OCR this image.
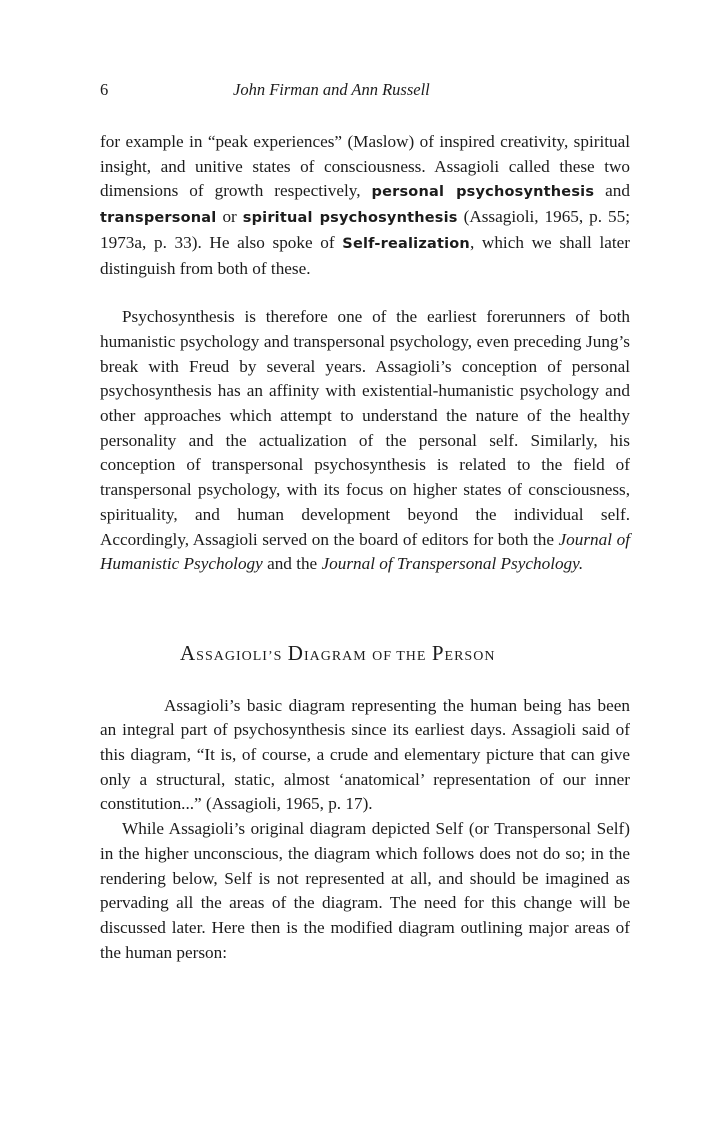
6	John Firman and Ann Russell

for example in “peak experiences” (Maslow) of inspired creativity, spiritual insight, and unitive states of consciousness. Assagioli called these two dimensions of growth respectively, personal psychosynthesis and transpersonal or spiritual psychosynthesis (Assagioli, 1965, p. 55; 1973a, p. 33). He also spoke of Self-realization, which we shall later distinguish from both of these.

Psychosynthesis is therefore one of the earliest forerunners of both humanistic psychology and transpersonal psychology, even preceding Jung’s break with Freud by several years. Assagioli’s conception of personal psychosynthesis has an affinity with existential-humanistic psychology and other approaches which attempt to understand the nature of the healthy personality and the actualization of the personal self. Similarly, his conception of transpersonal psychosynthesis is related to the field of transpersonal psychology, with its focus on higher states of consciousness, spirituality, and human development beyond the individual self. Accordingly, Assagioli served on the board of editors for both the Journal of Humanistic Psychology and the Journal of Transpersonal Psychology.

ASSAGIOLI’S DIAGRAM OF THE PERSON

Assagioli’s basic diagram representing the human being has been an integral part of psychosynthesis since its earliest days. Assagioli said of this diagram, “It is, of course, a crude and elementary picture that can give only a structural, static, almost ‘anatomical’ representation of our inner constitution...” (Assagioli, 1965, p. 17).

While Assagioli’s original diagram depicted Self (or Transpersonal Self) in the higher unconscious, the diagram which follows does not do so; in the rendering below, Self is not represented at all, and should be imagined as pervading all the areas of the diagram. The need for this change will be discussed later. Here then is the modified diagram outlining major areas of the human person:
